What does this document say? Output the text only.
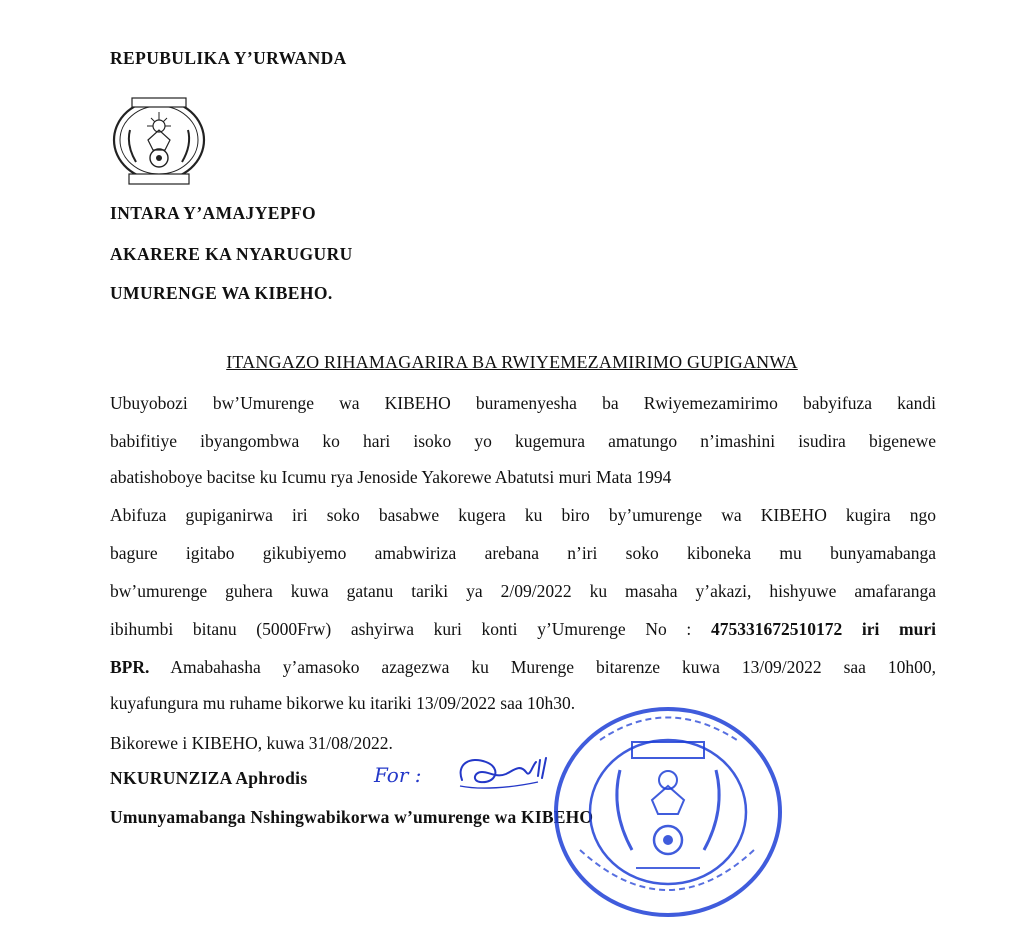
REPUBULIKA Y’URWANDA

INTARA Y’AMAJYEPFO

AKARERE KA NYARUGURU

UMURENGE WA KIBEHO.

ITANGAZO RIHAMAGARIRA BA RWIYEMEZAMIRIMO GUPIGANWA

Ubuyobozi bw’Umurenge wa KIBEHO buramenyesha ba Rwiyemezamirimo babyifuza kandi

babifitiye ibyangombwa ko hari isoko yo kugemura amatungo n’imashini isudira bigenewe

abatishoboye bacitse ku Icumu rya Jenoside Yakorewe Abatutsi muri Mata 1994

Abifuza gupiganirwa iri soko basabwe kugera ku biro by’umurenge wa KIBEHO kugira ngo

bagure igitabo gikubiyemo amabwiriza arebana n’iri soko kiboneka mu bunyamabanga

bw’umurenge guhera kuwa gatanu tariki ya 2/09/2022 ku masaha y’akazi, hishyuwe amafaranga

ibihumbi bitanu (5000Frw) ashyirwa kuri konti y’Umurenge No : 475331672510172 iri muri

BPR. Amabahasha y’amasoko azagezwa ku Murenge bitarenze kuwa 13/09/2022 saa 10h00,

kuyafungura mu ruhame bikorwe ku itariki 13/09/2022 saa 10h30.

Bikorewe i KIBEHO, kuwa 31/08/2022.

NKURUNZIZA Aphrodis

Umunyamabanga Nshingwabikorwa w’umurenge wa KIBEHO

For :
